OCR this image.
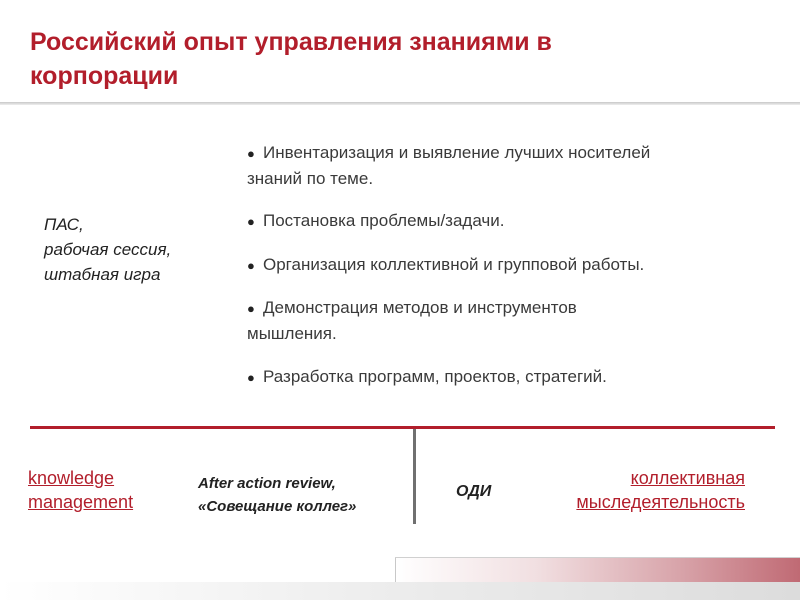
Российский опыт управления знаниями в
корпорации
ПАС,
рабочая сессия,
штабная игра
● Инвентаризация и выявление лучших носителей
знаний по теме.
● Постановка проблемы/задачи.
● Организация коллективной и групповой работы.
● Демонстрация методов и инструментов
мышления.
● Разработка программ, проектов, стратегий.
knowledge
management
After action review,
«Совещание коллег»
ОДИ
коллективная
мыследеятельность
